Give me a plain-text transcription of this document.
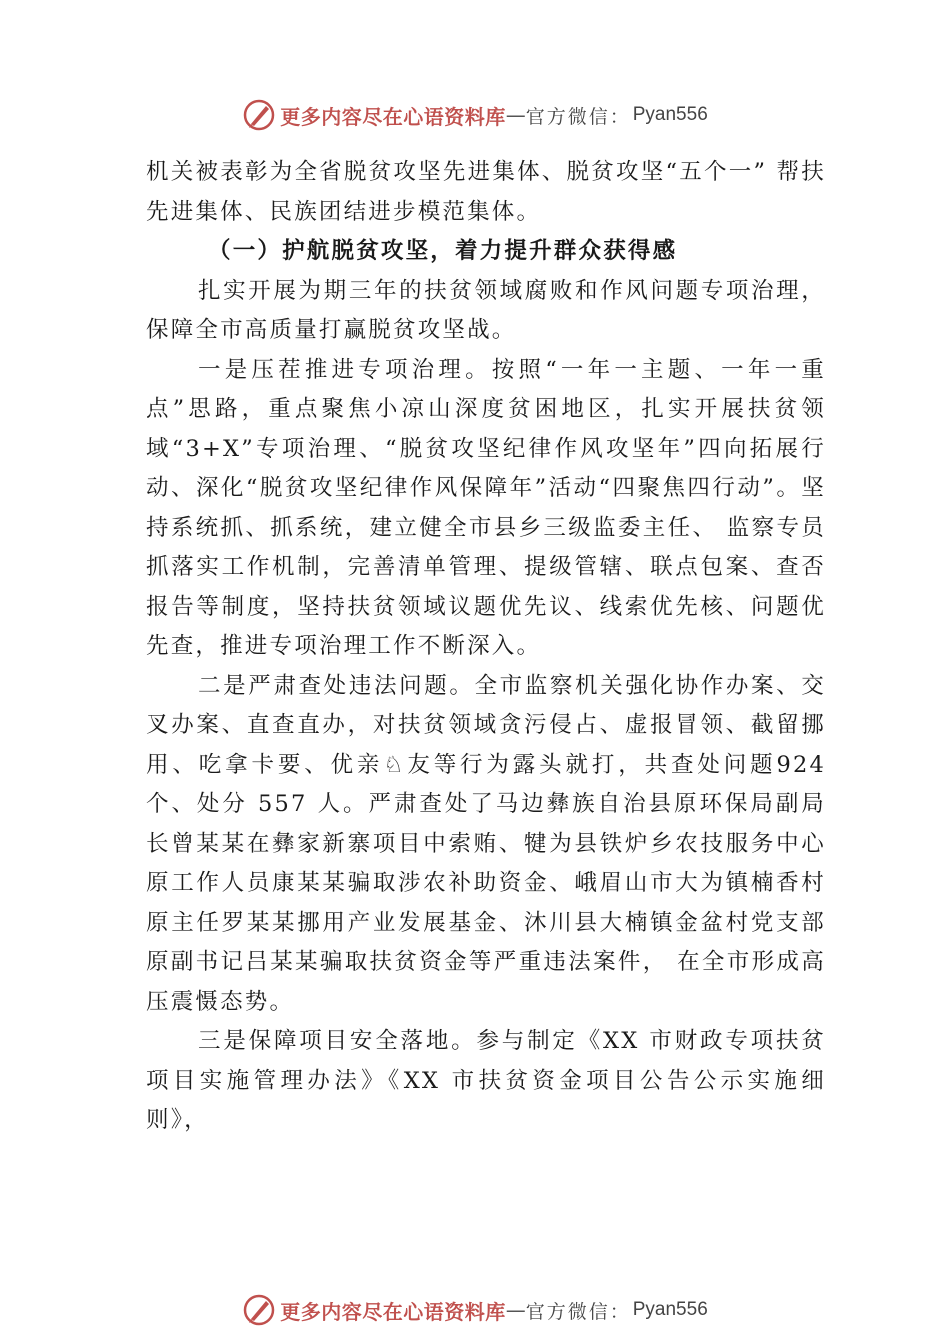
更多内容尽在心语资料库 — 官方微信： Pyan556

机关被表彰为全省脱贫攻坚先进集体、脱贫攻坚“五个一” 帮扶先进集体、民族团结进步模范集体。

（一）护航脱贫攻坚，着力提升群众获得感

扎实开展为期三年的扶贫领域腐败和作风问题专项治理，保障全市高质量打赢脱贫攻坚战。

一是压茬推进专项治理。按照“一年一主题、一年一重点”思路，重点聚焦小凉山深度贫困地区，扎实开展扶贫领域“3+X”专项治理、“脱贫攻坚纪律作风攻坚年”四向拓展行动、深化“脱贫攻坚纪律作风保障年”活动“四聚焦四行动”。坚持系统抓、抓系统，建立健全市县乡三级监委主任、 监察专员抓落实工作机制，完善清单管理、提级管辖、联点包案、查否报告等制度，坚持扶贫领域议题优先议、线索优先核、问题优先查，推进专项治理工作不断深入。

二是严肃查处违法问题。全市监察机关强化协作办案、交叉办案、直查直办，对扶贫领域贪污侵占、虚报冒领、截留挪用、吃拿卡要、优亲♘友等行为露头就打，共查处问题924 个、处分 557 人。严肃查处了马边彝族自治县原环保局副局长曾某某在彝家新寨项目中索贿、犍为县铁炉乡农技服务中心原工作人员康某某骗取涉农补助资金、峨眉山市大为镇楠香村原主任罗某某挪用产业发展基金、沐川县大楠镇金盆村党支部原副书记吕某某骗取扶贫资金等严重违法案件， 在全市形成高压震慑态势。

三是保障项目安全落地。参与制定《XX 市财政专项扶贫项目实施管理办法》《XX 市扶贫资金项目公告公示实施细则》，

更多内容尽在心语资料库 — 官方微信： Pyan556
